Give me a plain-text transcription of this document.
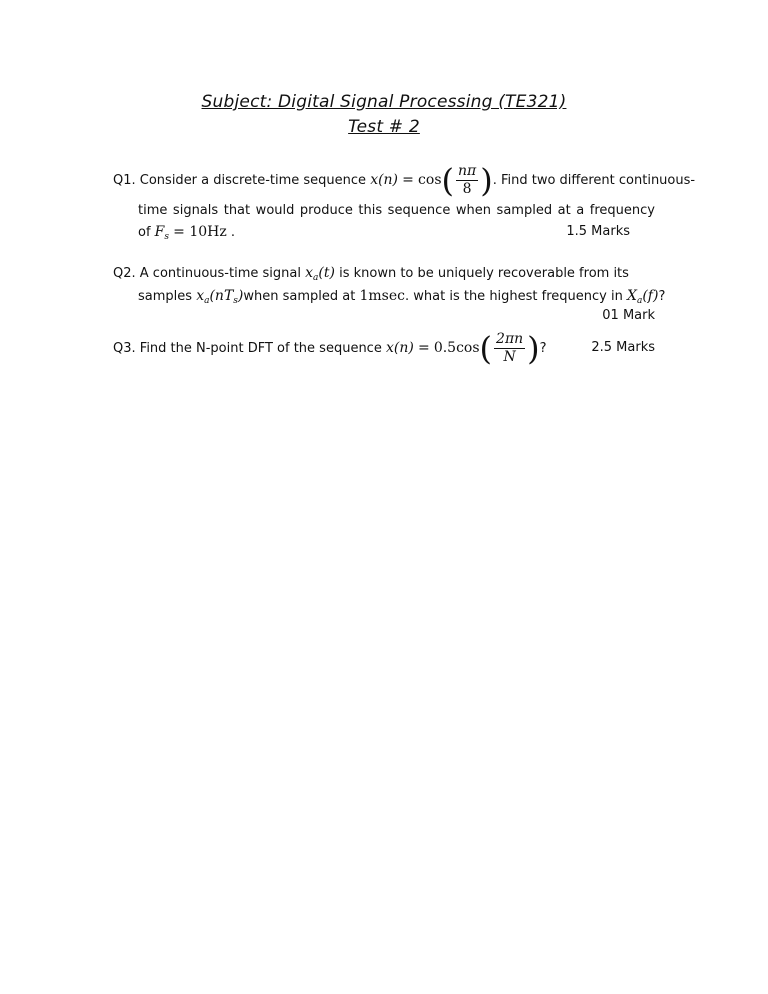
Subject: Digital Signal Processing (TE321)
Test # 2
Q1. Consider a discrete-time sequence $x(n) = \cos( \frac{n\pi}{8}$ ). Find two different continuous-
time signals that would produce this sequence when sampled at a frequency
of $F_s = 10Hz$ .	1.5 Marks
Q2. A continuous-time signal $x_a(t)$ is known to be uniquely recoverable from its
samples $x_a(nT_s)when$ sampled at 1msec. what is the highest frequency in $X_a(f)$?
01 Mark
Q3. Find the N-point DFT of the sequence $x(n) = 0.5\cos( \frac{2\pi n}{N}$ )?	2.5 Marks
